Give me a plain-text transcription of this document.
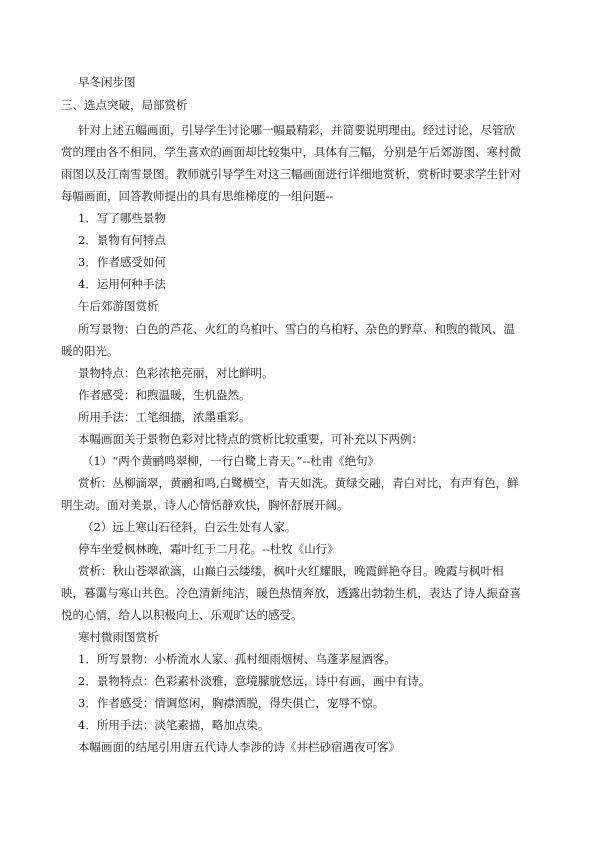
早冬闲步图
三、选点突破，局部赏析
针对上述五幅画面，引导学生讨论哪一幅最精彩，并简要说明理由。经过讨论，尽管欣
赏的理由各不相同，学生喜欢的画面却比较集中，具体有三幅，分别是午后郊游图、寒村微
雨图以及江南雪景图。教师就引导学生对这三幅画面进行详细地赏析，赏析时要求学生针对
每幅画面，回答教师提出的具有思维梯度的一组问题--
1．写了哪些景物
2．景物有何特点
3．作者感受如何
4．运用何种手法
午后郊游图赏析
所写景物：白色的芦花、火红的乌桕叶、雪白的乌桕籽、杂色的野草、和煦的微风、温
暖的阳光。
景物特点：色彩浓艳亮丽，对比鲜明。
作者感受：和煦温暖，生机盎然。
所用手法：工笔细描，浓墨重彩。
本幅画面关于景物色彩对比特点的赏析比较重要，可补充以下两例：
（1）“两个黄鹂鸣翠柳，一行白鹭上青天。”--杜甫《绝句》
赏析：丛柳滴翠，黄鹂和鸣,白鹭横空，青天如洗。黄绿交融，青白对比，有声有色，鲜
明生动。面对美景，诗人心情恬静欢快，胸怀舒展开阔。
（2）远上寒山石径斜，白云生处有人家。
停车坐爱枫林晚，霜叶红于二月花。--杜牧《山行》
赏析：秋山苍翠欲滴，山巅白云缕缕，枫叶火红耀眼，晚霞鲜艳夺目。晚霞与枫叶相
映，暮霭与寒山共色。冷色清新纯洁，暖色热情奔放，透露出勃勃生机，表达了诗人振奋喜
悦的心情，给人以积极向上、乐观旷达的感受。
寒村微雨图赏析
1．所写景物：小桥流水人家、孤村细雨烟树、乌蓬茅屋酒客。
2．景物特点：色彩素朴淡雅，意境朦胧悠远，诗中有画，画中有诗。
3．作者感受：情调悠闲，胸襟洒脱，得失俱亡，宠辱不惊。
4．所用手法：淡笔素描，略加点染。
本幅画面的结尾引用唐五代诗人李涉的诗《井栏砂宿遇夜可客》
